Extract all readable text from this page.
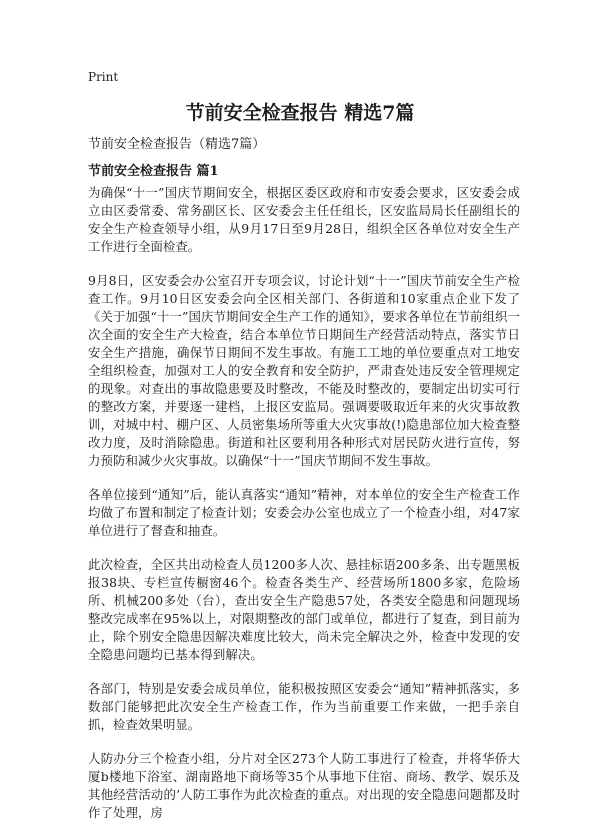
Print
节前安全检查报告 精选7篇

节前安全检查报告（精选7篇）

节前安全检查报告 篇1

为确保“十一”国庆节期间安全，根据区委区政府和市安委会要求，区安委会成立由区委常委、常务副区长、区安委会主任任组长，区安监局局长任副组长的安全生产检查领导小组，从9月17日至9月28日，组织全区各单位对安全生产工作进行全面检查。

9月8日，区安委会办公室召开专项会议，讨论计划“十一”国庆节前安全生产检查工作。9月10日区安委会向全区相关部门、各街道和10家重点企业下发了《关于加强“十一”国庆节期间安全生产工作的通知》，要求各单位在节前组织一次全面的安全生产大检查，结合本单位节日期间生产经营活动特点，落实节日安全生产措施，确保节日期间不发生事故。有施工工地的单位要重点对工地安全组织检查，加强对工人的安全教育和安全防护，严肃查处违反安全管理规定的现象。对查出的事故隐患要及时整改，不能及时整改的，要制定出切实可行的整改方案，并要逐一建档，上报区安监局。强调要吸取近年来的火灾事故教训，对城中村、棚户区、人员密集场所等重大火灾事故(!)隐患部位加大检查整改力度，及时消除隐患。街道和社区要利用各种形式对居民防火进行宣传，努力预防和减少火灾事故。以确保“十一”国庆节期间不发生事故。

各单位接到“通知”后，能认真落实“通知”精神，对本单位的安全生产检查工作均做了布置和制定了检查计划；安委会办公室也成立了一个检查小组，对47家单位进行了督查和抽查。

此次检查，全区共出动检查人员1200多人次、悬挂标语200多条、出专题黑板报38块、专栏宣传橱窗46个。检查各类生产、经营场所1800多家，危险场所、机械200多处（台），查出安全生产隐患57处，各类安全隐患和问题现场整改完成率在95%以上，对限期整改的部门或单位，都进行了复查，到目前为止，除个别安全隐患因解决难度比较大，尚未完全解决之外，检查中发现的安全隐患问题均已基本得到解决。

各部门，特别是安委会成员单位，能积极按照区安委会“通知”精神抓落实，多数部门能够把此次安全生产检查工作，作为当前重要工作来做，一把手亲自抓，检查效果明显。

人防办分三个检查小组，分片对全区273个人防工事进行了检查，并将华侨大厦b楼地下浴室、湖南路地下商场等35个从事地下住宿、商场、教学、娱乐及其他经营活动的’人防工事作为此次检查的重点。对出现的安全隐患问题都及时作了处理，房
